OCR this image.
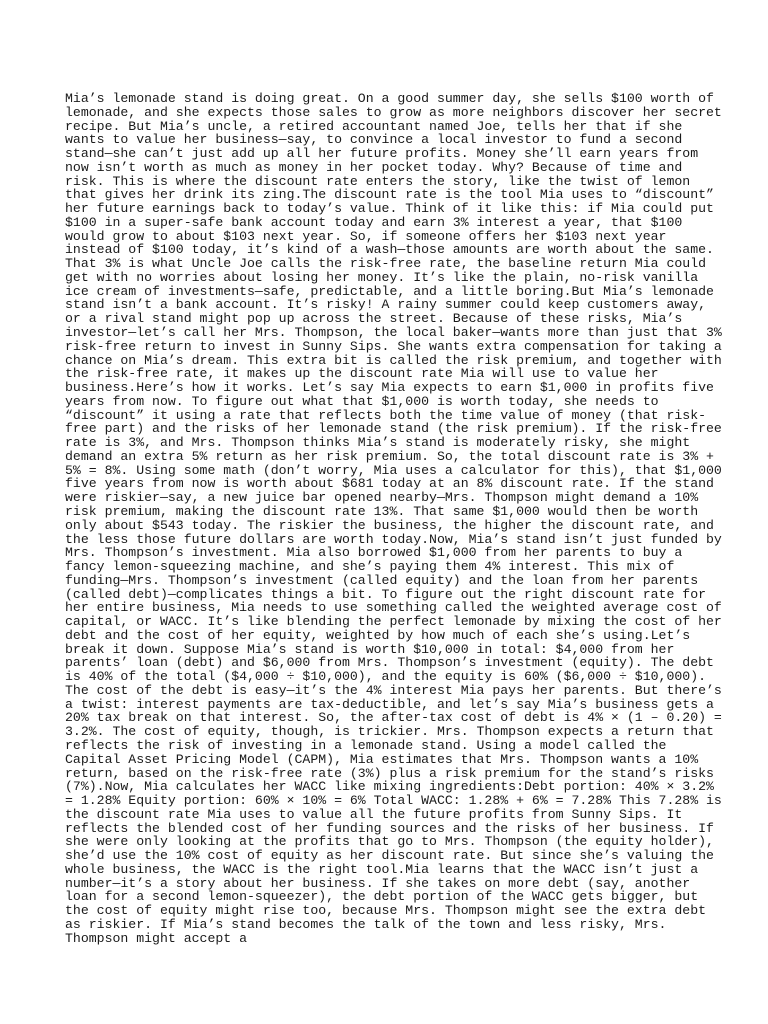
Mia’s lemonade stand is doing great. On a good summer day, she sells $100 worth of lemonade, and she expects those sales to grow as more neighbors discover her secret recipe. But Mia’s uncle, a retired accountant named Joe, tells her that if she wants to value her business—say, to convince a local investor to fund a second stand—she can’t just add up all her future profits. Money she’ll earn years from now isn’t worth as much as money in her pocket today. Why? Because of time and risk. This is where the discount rate enters the story, like the twist of lemon that gives her drink its zing.The discount rate is the tool Mia uses to “discount” her future earnings back to today’s value. Think of it like this: if Mia could put $100 in a super-safe bank account today and earn 3% interest a year, that $100 would grow to about $103 next year. So, if someone offers her $103 next year instead of $100 today, it’s kind of a wash—those amounts are worth about the same. That 3% is what Uncle Joe calls the risk-free rate, the baseline return Mia could get with no worries about losing her money. It’s like the plain, no-risk vanilla ice cream of investments—safe, predictable, and a little boring.But Mia’s lemonade stand isn’t a bank account. It’s risky! A rainy summer could keep customers away, or a rival stand might pop up across the street. Because of these risks, Mia’s investor—let’s call her Mrs. Thompson, the local baker—wants more than just that 3% risk-free return to invest in Sunny Sips. She wants extra compensation for taking a chance on Mia’s dream. This extra bit is called the risk premium, and together with the risk-free rate, it makes up the discount rate Mia will use to value her business.Here’s how it works. Let’s say Mia expects to earn $1,000 in profits five years from now. To figure out what that $1,000 is worth today, she needs to “discount” it using a rate that reflects both the time value of money (that risk-free part) and the risks of her lemonade stand (the risk premium). If the risk-free rate is 3%, and Mrs. Thompson thinks Mia’s stand is moderately risky, she might demand an extra 5% return as her risk premium. So, the total discount rate is 3% + 5% = 8%. Using some math (don’t worry, Mia uses a calculator for this), that $1,000 five years from now is worth about $681 today at an 8% discount rate. If the stand were riskier—say, a new juice bar opened nearby—Mrs. Thompson might demand a 10% risk premium, making the discount rate 13%. That same $1,000 would then be worth only about $543 today. The riskier the business, the higher the discount rate, and the less those future dollars are worth today.Now, Mia’s stand isn’t just funded by Mrs. Thompson’s investment. Mia also borrowed $1,000 from her parents to buy a fancy lemon-squeezing machine, and she’s paying them 4% interest. This mix of funding—Mrs. Thompson’s investment (called equity) and the loan from her parents (called debt)—complicates things a bit. To figure out the right discount rate for her entire business, Mia needs to use something called the weighted average cost of capital, or WACC. It’s like blending the perfect lemonade by mixing the cost of her debt and the cost of her equity, weighted by how much of each she’s using.Let’s break it down. Suppose Mia’s stand is worth $10,000 in total: $4,000 from her parents’ loan (debt) and $6,000 from Mrs. Thompson’s investment (equity). The debt is 40% of the total ($4,000 ÷ $10,000), and the equity is 60% ($6,000 ÷ $10,000). The cost of the debt is easy—it’s the 4% interest Mia pays her parents. But there’s a twist: interest payments are tax-deductible, and let’s say Mia’s business gets a 20% tax break on that interest. So, the after-tax cost of debt is 4% × (1 – 0.20) = 3.2%. The cost of equity, though, is trickier. Mrs. Thompson expects a return that reflects the risk of investing in a lemonade stand. Using a model called the Capital Asset Pricing Model (CAPM), Mia estimates that Mrs. Thompson wants a 10% return, based on the risk-free rate (3%) plus a risk premium for the stand’s risks (7%).Now, Mia calculates her WACC like mixing ingredients:Debt portion: 40% × 3.2% = 1.28% Equity portion: 60% × 10% = 6% Total WACC: 1.28% + 6% = 7.28% This 7.28% is the discount rate Mia uses to value all the future profits from Sunny Sips. It reflects the blended cost of her funding sources and the risks of her business. If she were only looking at the profits that go to Mrs. Thompson (the equity holder), she’d use the 10% cost of equity as her discount rate. But since she’s valuing the whole business, the WACC is the right tool.Mia learns that the WACC isn’t just a number—it’s a story about her business. If she takes on more debt (say, another loan for a second lemon-squeezer), the debt portion of the WACC gets bigger, but the cost of equity might rise too, because Mrs. Thompson might see the extra debt as riskier. If Mia’s stand becomes the talk of the town and less risky, Mrs. Thompson might accept a
